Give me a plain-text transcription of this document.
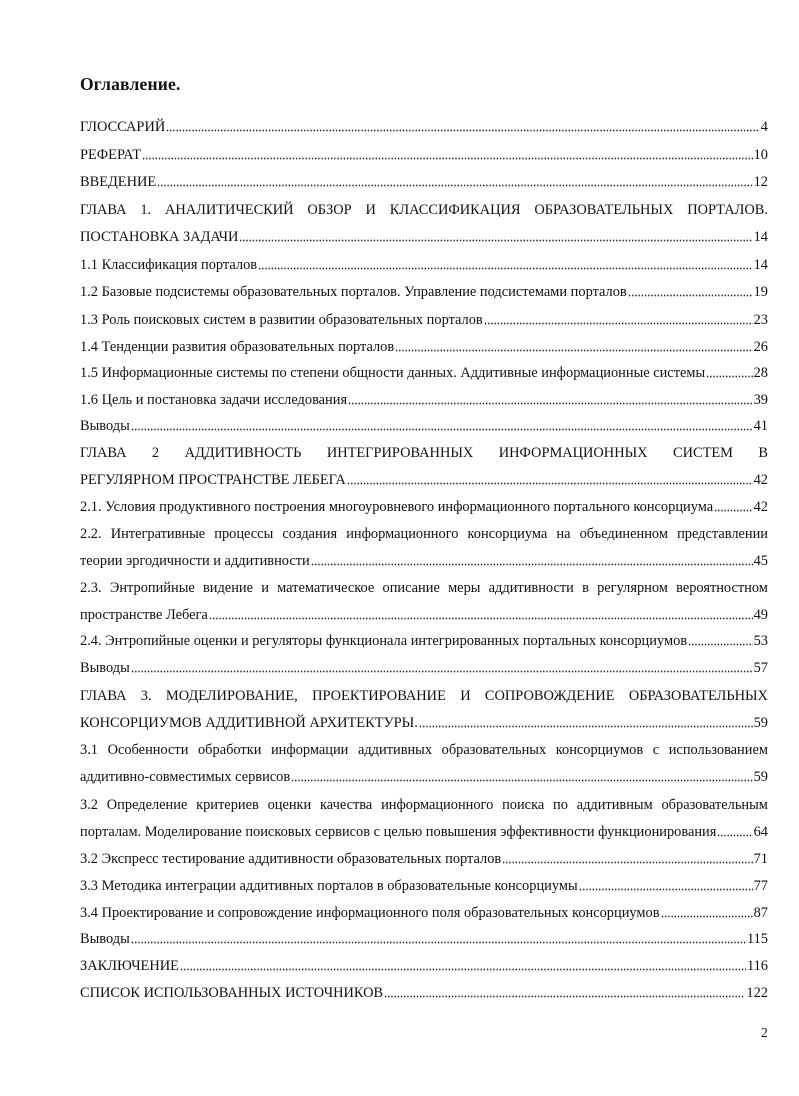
Оглавление.
ГЛОССАРИЙ	4
РЕФЕРАТ	10
ВВЕДЕНИЕ	12
ГЛАВА 1. АНАЛИТИЧЕСКИЙ ОБЗОР И КЛАССИФИКАЦИЯ ОБРАЗОВАТЕЛЬНЫХ ПОРТАЛОВ.
ПОСТАНОВКА ЗАДАЧИ	14
1.1 Классификация порталов	14
1.2 Базовые подсистемы образовательных порталов. Управление подсистемами порталов	19
1.3 Роль поисковых систем в развитии образовательных порталов	23
1.4 Тенденции развития образовательных порталов	26
1.5 Информационные системы по степени общности данных. Аддитивные информационные системы	28
1.6 Цель и постановка задачи исследования	39
Выводы	41
ГЛАВА 2 АДДИТИВНОСТЬ ИНТЕГРИРОВАННЫХ ИНФОРМАЦИОННЫХ СИСТЕМ В
РЕГУЛЯРНОМ ПРОСТРАНСТВЕ ЛЕБЕГА	42
2.1. Условия продуктивного построения многоуровневого информационного портального консорциума	42
2.2. Интегративные процессы создания информационного консорциума на объединенном представлении
теории эргодичности и аддитивности	45
2.3. Энтропийные видение и математическое описание меры аддитивности в регулярном вероятностном
пространстве Лебега	49
2.4. Энтропийные оценки и регуляторы функционала интегрированных портальных консорциумов	53
Выводы	57
ГЛАВА 3. МОДЕЛИРОВАНИЕ, ПРОЕКТИРОВАНИЕ И СОПРОВОЖДЕНИЕ ОБРАЗОВАТЕЛЬНЫХ
КОНСОРЦИУМОВ АДДИТИВНОЙ АРХИТЕКТУРЫ.	59
3.1 Особенности обработки информации аддитивных образовательных консорциумов с использованием
аддитивно-совместимых сервисов	59
3.2 Определение критериев оценки качества информационного поиска по аддитивным образовательным
порталам. Моделирование поисковых сервисов с целью повышения эффективности функционирования	64
3.2 Экспресс тестирование аддитивности образовательных порталов	71
3.3 Методика интеграции аддитивных порталов в образовательные консорциумы	77
3.4 Проектирование и сопровождение информационного поля образовательных консорциумов	87
Выводы	115
ЗАКЛЮЧЕНИЕ	116
СПИСОК ИСПОЛЬЗОВАННЫХ ИСТОЧНИКОВ	122
2
